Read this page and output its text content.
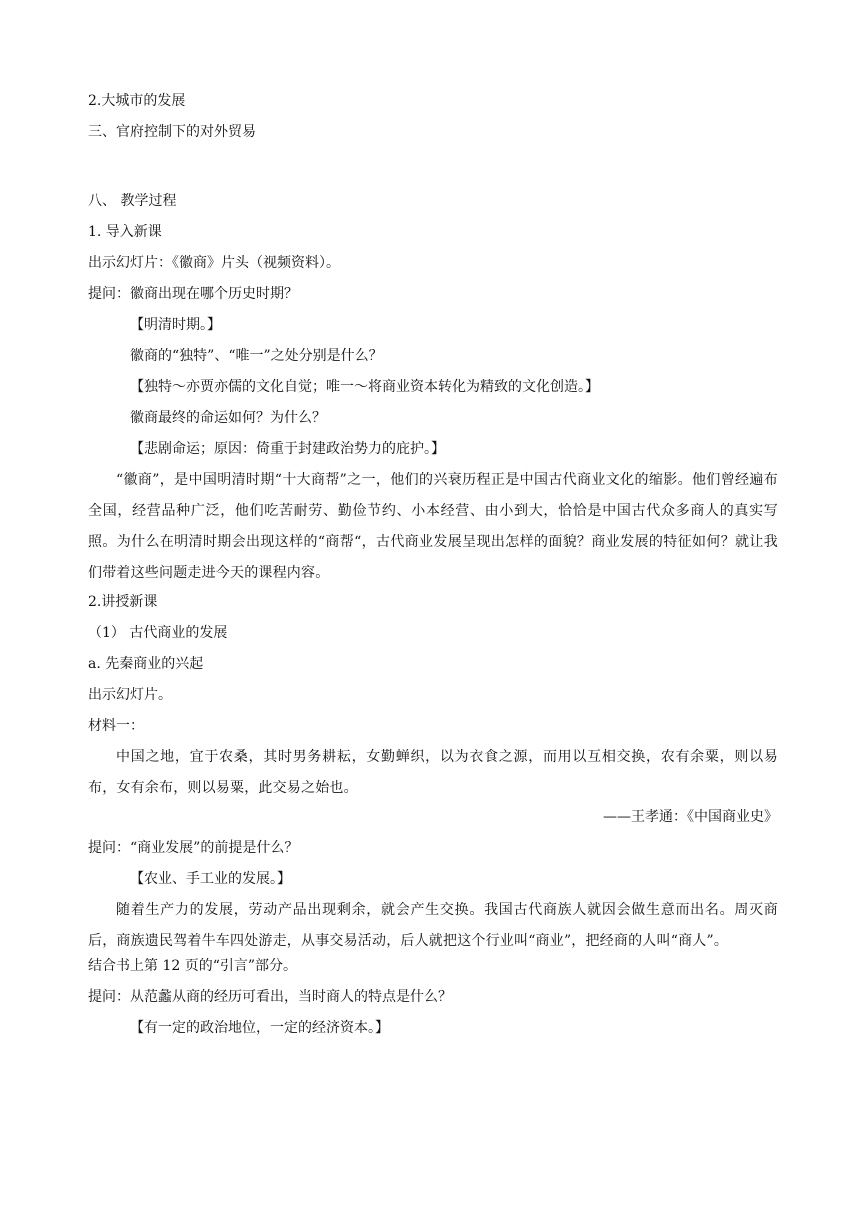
2.大城市的发展
三、官府控制下的对外贸易
八、 教学过程
1. 导入新课
出示幻灯片：《徽商》片头（视频资料）。
提问：徽商出现在哪个历史时期？
【明清时期。】
徽商的“独特”、“唯一”之处分别是什么？
【独特～亦贾亦儒的文化自觉；唯一～将商业资本转化为精致的文化创造。】
徽商最终的命运如何？为什么？
【悲剧命运；原因：倚重于封建政治势力的庇护。】
“徽商”，是中国明清时期“十大商帮”之一，他们的兴衰历程正是中国古代商业文化的缩影。他们曾经遍布全国，经营品种广泛，他们吃苦耐劳、勤俭节约、小本经营、由小到大，恰恰是中国古代众多商人的真实写照。为什么在明清时期会出现这样的“商帮“，古代商业发展呈现出怎样的面貌？商业发展的特征如何？就让我们带着这些问题走进今天的课程内容。
2.讲授新课
（1） 古代商业的发展
a. 先秦商业的兴起
出示幻灯片。
材料一：
中国之地，宜于农桑，其时男务耕耘，女勤蝉织，以为衣食之源，而用以互相交换，农有余粟，则以易布，女有余布，则以易粟，此交易之始也。
——王孝通：《中国商业史》
提问：“商业发展”的前提是什么？
【农业、手工业的发展。】
随着生产力的发展，劳动产品出现剩余，就会产生交换。我国古代商族人就因会做生意而出名。周灭商后，商族遗民驾着牛车四处游走，从事交易活动，后人就把这个行业叫“商业”，把经商的人叫“商人”。
结合书上第 12 页的“引言”部分。
提问：从范蠡从商的经历可看出，当时商人的特点是什么？
【有一定的政治地位，一定的经济资本。】
